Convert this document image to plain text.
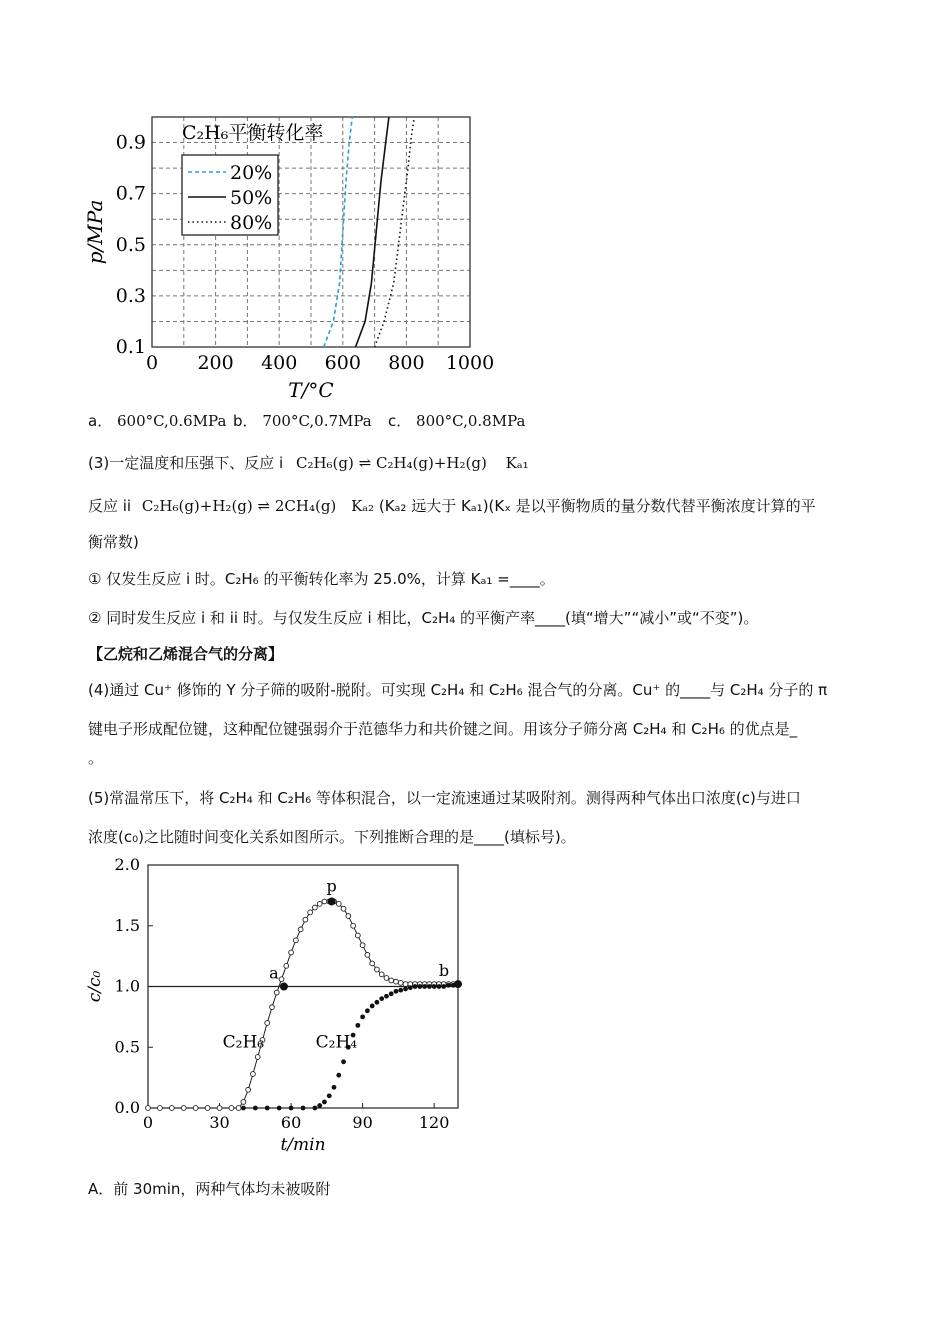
0 200 400 600 800 1000
0.1
0.3
0.5
0.7
0.9
T/°C
p/MPa
C₂H₆平衡转化率
20%
50%
80%
a． 600°C,0.6MPa b． 700°C,0.7MPa c． 800°C,0.8MPa
(3)一定温度和压强下、反应 i C₂H₆(g) ⇌ C₂H₄(g)+H₂(g) Kₐ₁
反应 ii C₂H₆(g)+H₂(g) ⇌ 2CH₄(g) Kₐ₂ (Kₐ₂ 远大于 Kₐ₁)(Kₓ 是以平衡物质的量分数代替平衡浓度计算的平
衡常数)
① 仅发生反应 i 时。C₂H₆ 的平衡转化率为 25.0%，计算 Kₐ₁ =____。
② 同时发生反应 i 和 ii 时。与仅发生反应 i 相比，C₂H₄ 的平衡产率____(填“增大”“减小”或“不变”)。
【乙烷和乙烯混合气的分离】
(4)通过 Cu⁺ 修饰的 Y 分子筛的吸附-脱附。可实现 C₂H₄ 和 C₂H₆ 混合气的分离。Cu⁺ 的____与 C₂H₄ 分子的 π
键电子形成配位键，这种配位键强弱介于范德华力和共价键之间。用该分子筛分离 C₂H₄ 和 C₂H₆ 的优点是_
。
(5)常温常压下，将 C₂H₄ 和 C₂H₆ 等体积混合，以一定流速通过某吸附剂。测得两种气体出口浓度(c)与进口
浓度(c₀)之比随时间变化关系如图所示。下列推断合理的是____(填标号)。
0	30	60	90	120
0.0
0.5
1.0
1.5
2.0
t/min
c/c₀	a
p
b
C₂H₆	C₂H₄
A．前 30min，两种气体均未被吸附
